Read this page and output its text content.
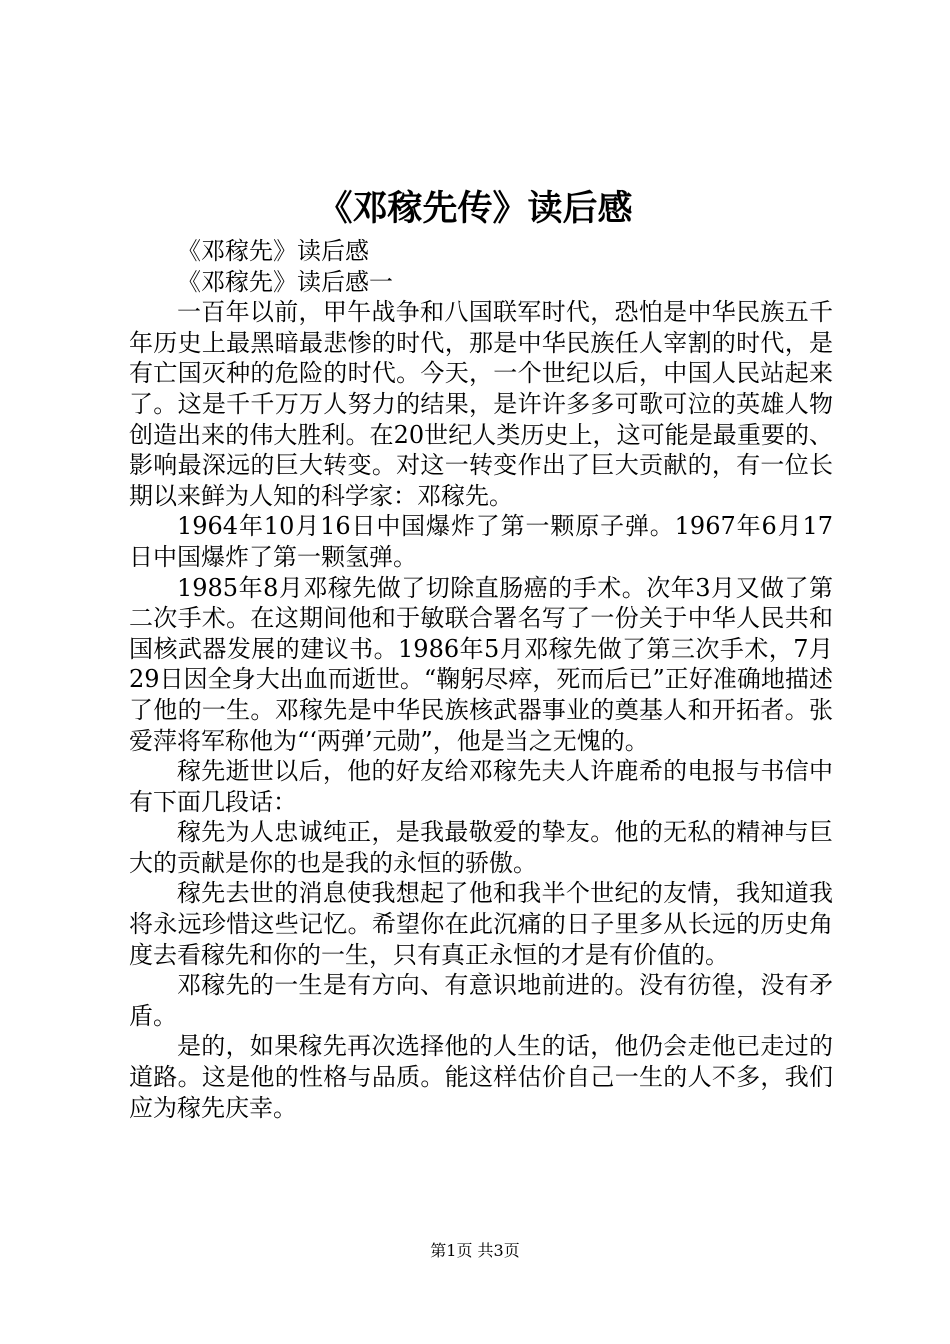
《邓稼先传》读后感

《邓稼先》读后感

《邓稼先》读后感一

一百年以前，甲午战争和八国联军时代，恐怕是中华民族五千年历史上最黑暗最悲惨的时代，那是中华民族任人宰割的时代，是有亡国灭种的危险的时代。今天，一个世纪以后，中国人民站起来了。这是千千万万人努力的结果，是许许多多可歌可泣的英雄人物创造出来的伟大胜利。在20世纪人类历史上，这可能是最重要的、影响最深远的巨大转变。对这一转变作出了巨大贡献的，有一位长期以来鲜为人知的科学家：邓稼先。

1964年10月16日中国爆炸了第一颗原子弹。1967年6月17日中国爆炸了第一颗氢弹。

1985年8月邓稼先做了切除直肠癌的手术。次年3月又做了第二次手术。在这期间他和于敏联合署名写了一份关于中华人民共和国核武器发展的建议书。1986年5月邓稼先做了第三次手术，7月29日因全身大出血而逝世。“鞠躬尽瘁，死而后已”正好准确地描述了他的一生。邓稼先是中华民族核武器事业的奠基人和开拓者。张爱萍将军称他为“‘两弹’元勋”，他是当之无愧的。

稼先逝世以后，他的好友给邓稼先夫人许鹿希的电报与书信中有下面几段话：

稼先为人忠诚纯正，是我最敬爱的挚友。他的无私的精神与巨大的贡献是你的也是我的永恒的骄傲。

稼先去世的消息使我想起了他和我半个世纪的友情，我知道我将永远珍惜这些记忆。希望你在此沉痛的日子里多从长远的历史角度去看稼先和你的一生，只有真正永恒的才是有价值的。

邓稼先的一生是有方向、有意识地前进的。没有彷徨，没有矛盾。

是的，如果稼先再次选择他的人生的话，他仍会走他已走过的道路。这是他的性格与品质。能这样估价自己一生的人不多，我们应为稼先庆幸。

第1页 共3页
